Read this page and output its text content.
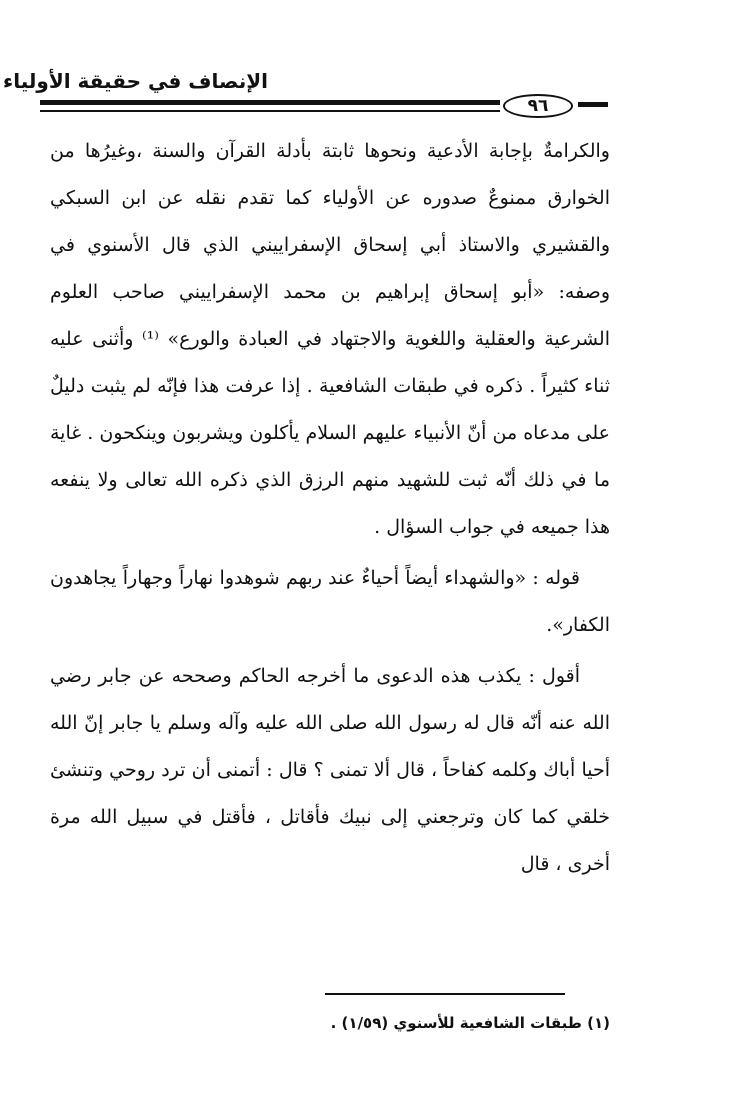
الإنصاف في حقيقة الأولياء
٩٦

والكرامةٌ بإجابة الأدعية ونحوها ثابتة بأدلة القرآن والسنة ،وغيرُها من الخوارق ممنوعٌ صدوره عن الأولياء كما تقدم نقله عن ابن السبكي والقشيري والاستاذ أبي إسحاق الإسفراييني الذي قال الأسنوي في وصفه: «أبو إسحاق إبراهيم بن محمد الإسفراييني صاحب العلوم الشرعية والعقلية واللغوية والاجتهاد في العبادة والورع» ⁽¹⁾ وأثنى عليه ثناء كثيراً . ذكره في طبقات الشافعية . إذا عرفت هذا فإنّه لم يثبت دليلٌ على مدعاه من أنّ الأنبياء عليهم السلام يأكلون ويشربون وينكحون . غاية ما في ذلك أنّه ثبت للشهيد منهم الرزق الذي ذكره الله تعالى ولا ينفعه هذا جميعه في جواب السؤال .

قوله : «والشهداء أيضاً أحياءٌ عند ربهم شوهدوا نهاراً وجهاراً يجاهدون الكفار».

أقول : يكذب هذه الدعوى ما أخرجه الحاكم وصححه عن جابر رضي الله عنه أنّه قال له رسول الله صلى الله عليه وآله وسلم يا جابر إنّ الله أحيا أباك وكلمه كفاحاً ، قال ألا تمنى ؟ قال : أتمنى أن ترد روحي وتنشئ خلقي كما كان وترجعني إلى نبيك فأقاتل ، فأقتل في سبيل الله مرة أخرى ، قال

(١) طبقات الشافعية للأسنوي (١/٥٩) .
